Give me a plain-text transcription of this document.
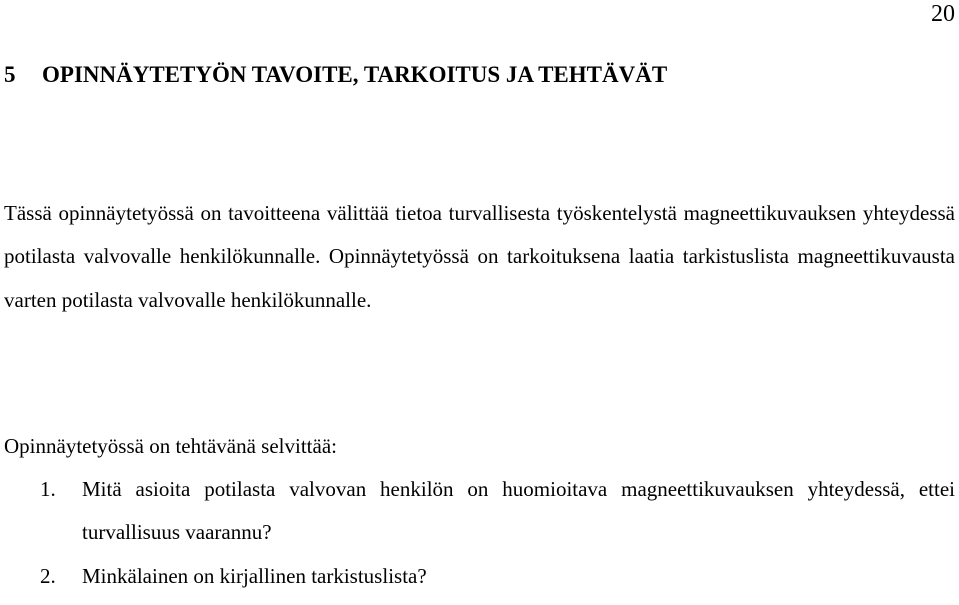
20
5 OPINNÄYTETYÖN TAVOITE, TARKOITUS JA TEHTÄVÄT

Tässä opinnäytetyössä on tavoitteena välittää tietoa turvallisesta työskentelystä magneettikuvauksen yhteydessä potilasta valvovalle henkilökunnalle. Opinnäytetyössä on tarkoituksena laatia tarkistuslista magneettikuvausta varten potilasta valvovalle henkilökunnalle.

Opinnäytetyössä on tehtävänä selvittää:

1. Mitä asioita potilasta valvovan henkilön on huomioitava magneettikuvauksen yhteydessä, ettei turvallisuus vaarannu?
2. Minkälainen on kirjallinen tarkistuslista?
